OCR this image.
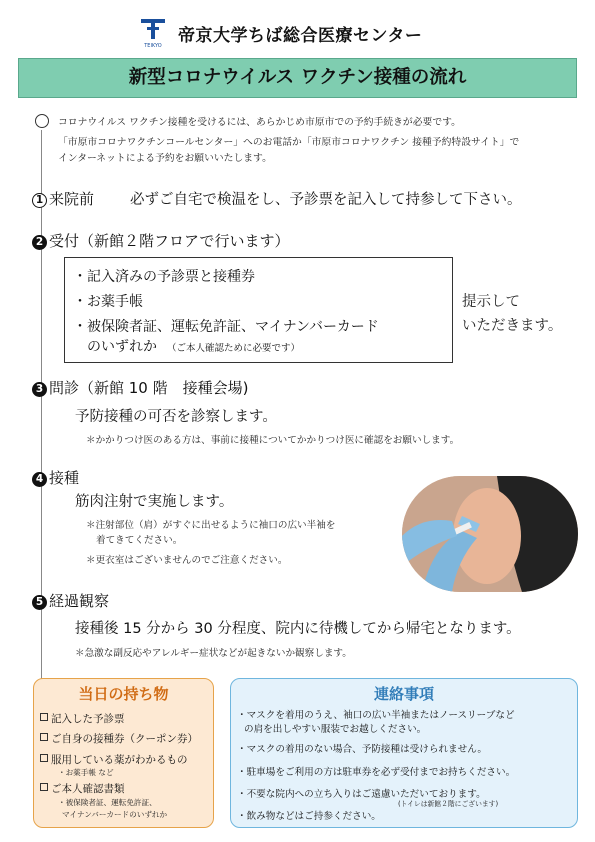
TEIKYO 帝京大学ちば総合医療センター
新型コロナウイルス ワクチン接種の流れ
コロナウイルス ワクチン接種を受けるには、あらかじめ市原市での予約手続きが必要です。
「市原市コロナワクチンコールセンター」へのお電話か「市原市コロナワクチン 接種予約特設サイト」で
インターネットによる予約をお願いいたします。
1 来院前 必ずご自宅で検温をし、予診票を記入して持参して下さい。
2 受付（新館２階フロアで行います）
・記入済みの予診票と接種券
・お薬手帳
・被保険者証、運転免許証、マイナンバーカード
のいずれか （ご本人確認ために必要です）
提示して
いただきます。
3 問診（新館 10 階　接種会場)
予防接種の可否を診察します。
＊かかりつけ医のある方は、事前に接種についてかかりつけ医に確認をお願いします。
4 接種
筋肉注射で実施します。
＊注射部位（肩）がすぐに出せるように袖口の広い半袖を
着てきてください。
＊更衣室はございませんのでご注意ください。
5 経過観察
接種後 15 分から 30 分程度、院内に待機してから帰宅となります。
＊急激な副反応やアレルギー症状などが起きないか観察します。
当日の持ち物
記入した予診票
ご自身の接種券（クーポン券）
服用している薬がわかるもの
・お薬手帳 など
ご本人確認書類
・被保険者証、運転免許証、
マイナンバーカードのいずれか
連絡事項
・マスクを着用のうえ、袖口の広い半袖またはノースリーブなど
の肩を出しやすい服装でお越しください。
・マスクの着用のない場合、予防接種は受けられません。
・駐車場をご利用の方は駐車券を必ず受付までお持ちください。
・不要な院内への立ち入りはご遠慮いただいております。
(トイレは新館２階にございます)
・飲み物などはご持参ください。
